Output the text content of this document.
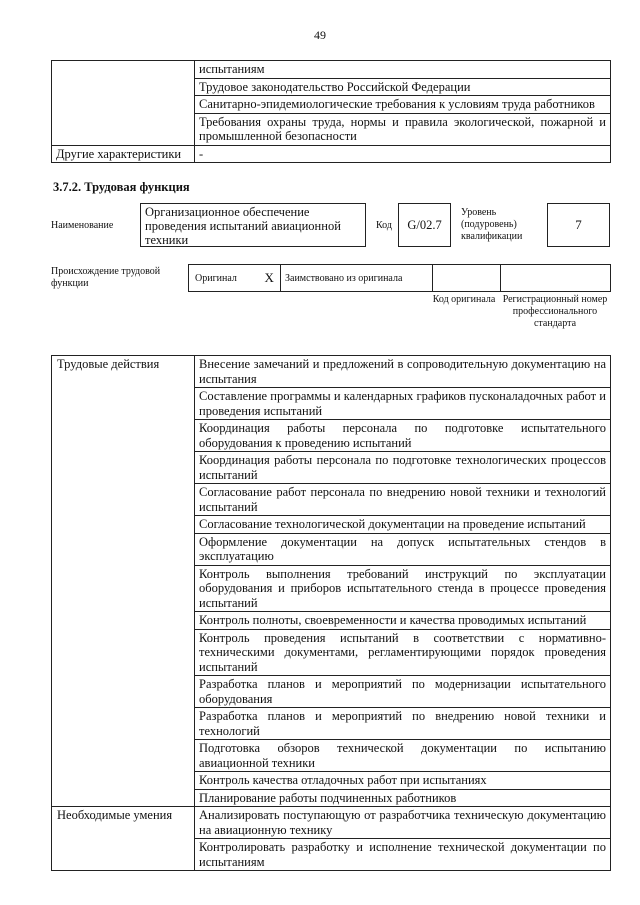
49
	испытаниям
	Трудовое законодательство Российской Федерации
	Санитарно-эпидемиологические требования к условиям труда работников
	Требования охраны труда, нормы и правила экологической, пожарной и промышленной безопасности
Другие характеристики	-
3.7.2. Трудовая функция
Наименование
Организационное обеспечение проведения испытаний авиационной техники
Код	G/02.7
Уровень (подуровень) квалификации
7
Происхождение трудовой функции	Оригинал	X	Заимствовано из оригинала		
Код оригинала Регистрационный номер профессионального стандарта
Трудовые действия	Внесение замечаний и предложений в сопроводительную документацию на испытания
	Составление программы и календарных графиков пусконаладочных работ и проведения испытаний
	Координация работы персонала по подготовке испытательного оборудования к проведению испытаний
	Координация работы персонала по подготовке технологических процессов испытаний
	Согласование работ персонала по внедрению новой техники и технологий испытаний
	Согласование технологической документации на проведение испытаний
	Оформление документации на допуск испытательных стендов в эксплуатацию
	Контроль выполнения требований инструкций по эксплуатации оборудования и приборов испытательного стенда в процессе проведения испытаний
	Контроль полноты, своевременности и качества проводимых испытаний
	Контроль проведения испытаний в соответствии с нормативно-техническими документами, регламентирующими порядок проведения испытаний
	Разработка планов и мероприятий по модернизации испытательного оборудования
	Разработка планов и мероприятий по внедрению новой техники и технологий
	Подготовка обзоров технической документации по испытанию авиационной техники
	Контроль качества отладочных работ при испытаниях
	Планирование работы подчиненных работников
Необходимые умения	Анализировать поступающую от разработчика техническую документацию на авиационную технику
	Контролировать разработку и исполнение технической документации по испытаниям
